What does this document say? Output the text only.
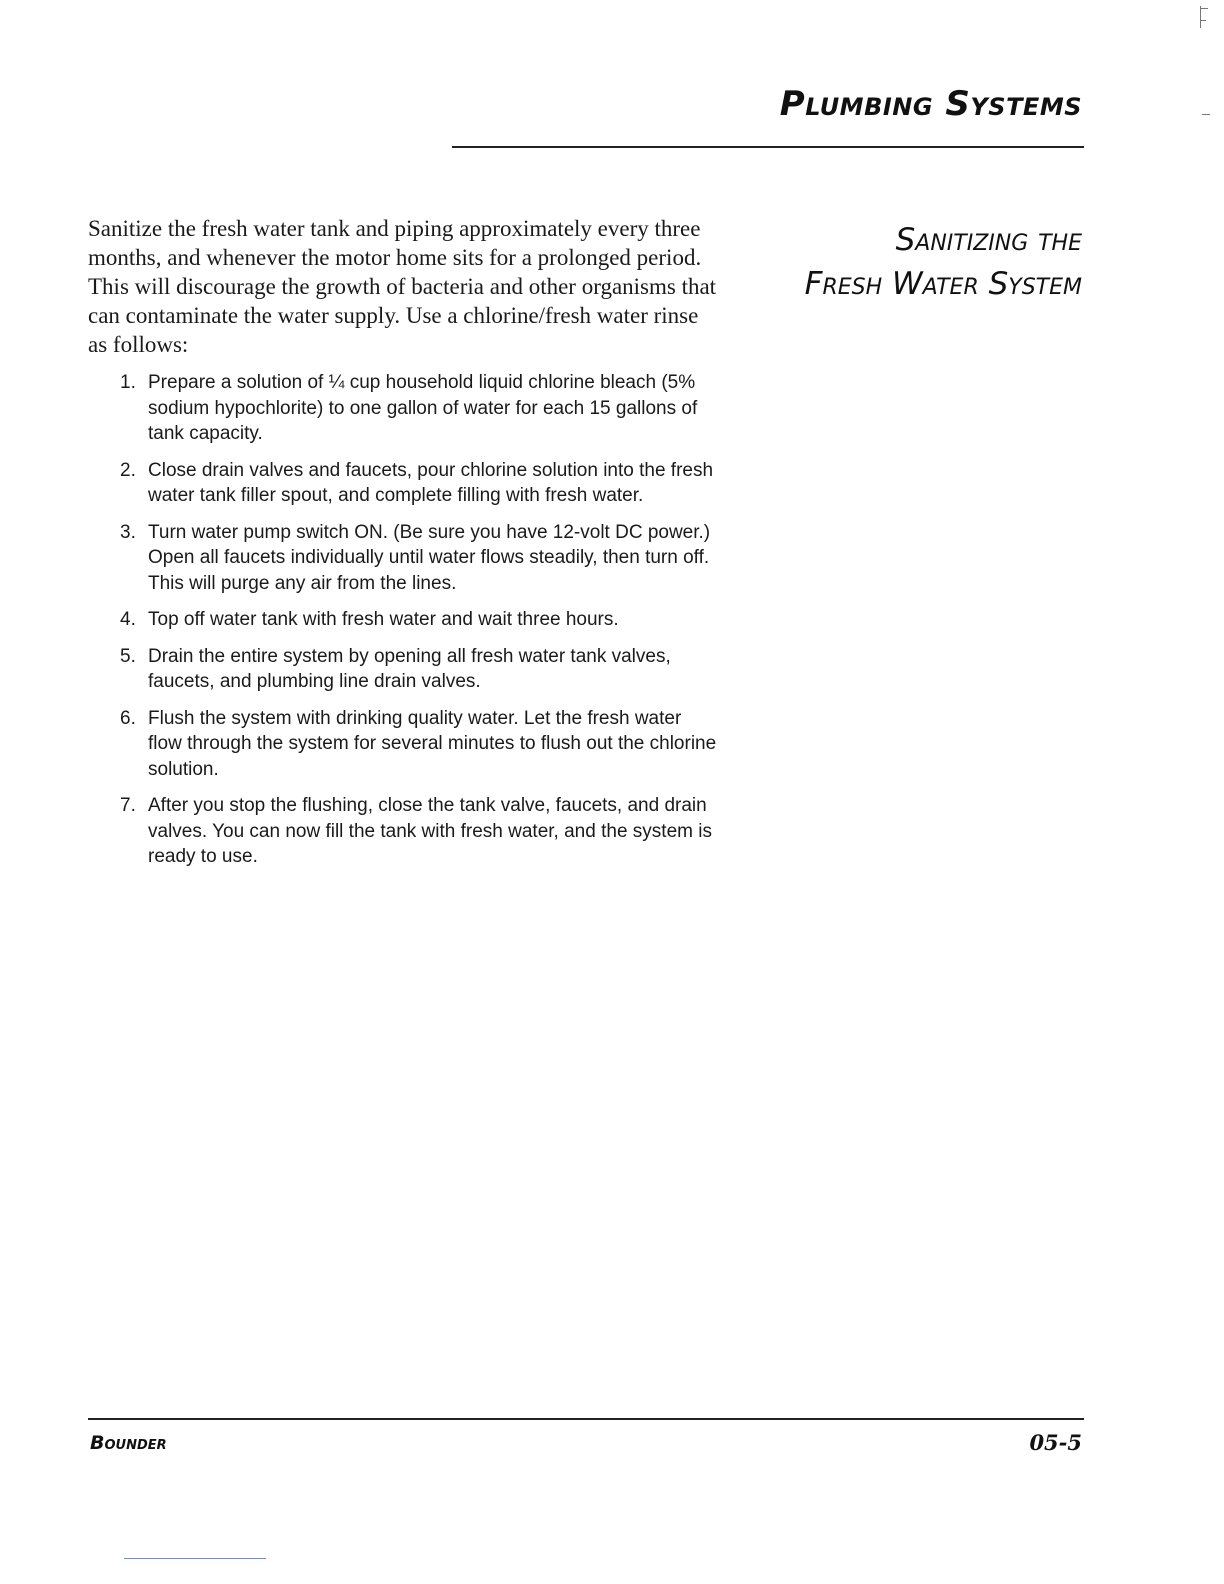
Plumbing Systems
Sanitizing the
Fresh Water System

Sanitize the fresh water tank and piping approximately every three months, and whenever the motor home sits for a prolonged period. This will discourage the growth of bacteria and other organisms that can contaminate the water supply. Use a chlorine/fresh water rinse as follows:

1. Prepare a solution of ¼ cup household liquid chlorine bleach (5% sodium hypochlorite) to one gallon of water for each 15 gallons of tank capacity.
2. Close drain valves and faucets, pour chlorine solution into the fresh water tank filler spout, and complete filling with fresh water.
3. Turn water pump switch ON. (Be sure you have 12-volt DC power.) Open all faucets individually until water flows steadily, then turn off. This will purge any air from the lines.
4. Top off water tank with fresh water and wait three hours.
5. Drain the entire system by opening all fresh water tank valves, faucets, and plumbing line drain valves.
6. Flush the system with drinking quality water. Let the fresh water flow through the system for several minutes to flush out the chlorine solution.
7. After you stop the flushing, close the tank valve, faucets, and drain valves. You can now fill the tank with fresh water, and the system is ready to use.
Bounder	05-5
